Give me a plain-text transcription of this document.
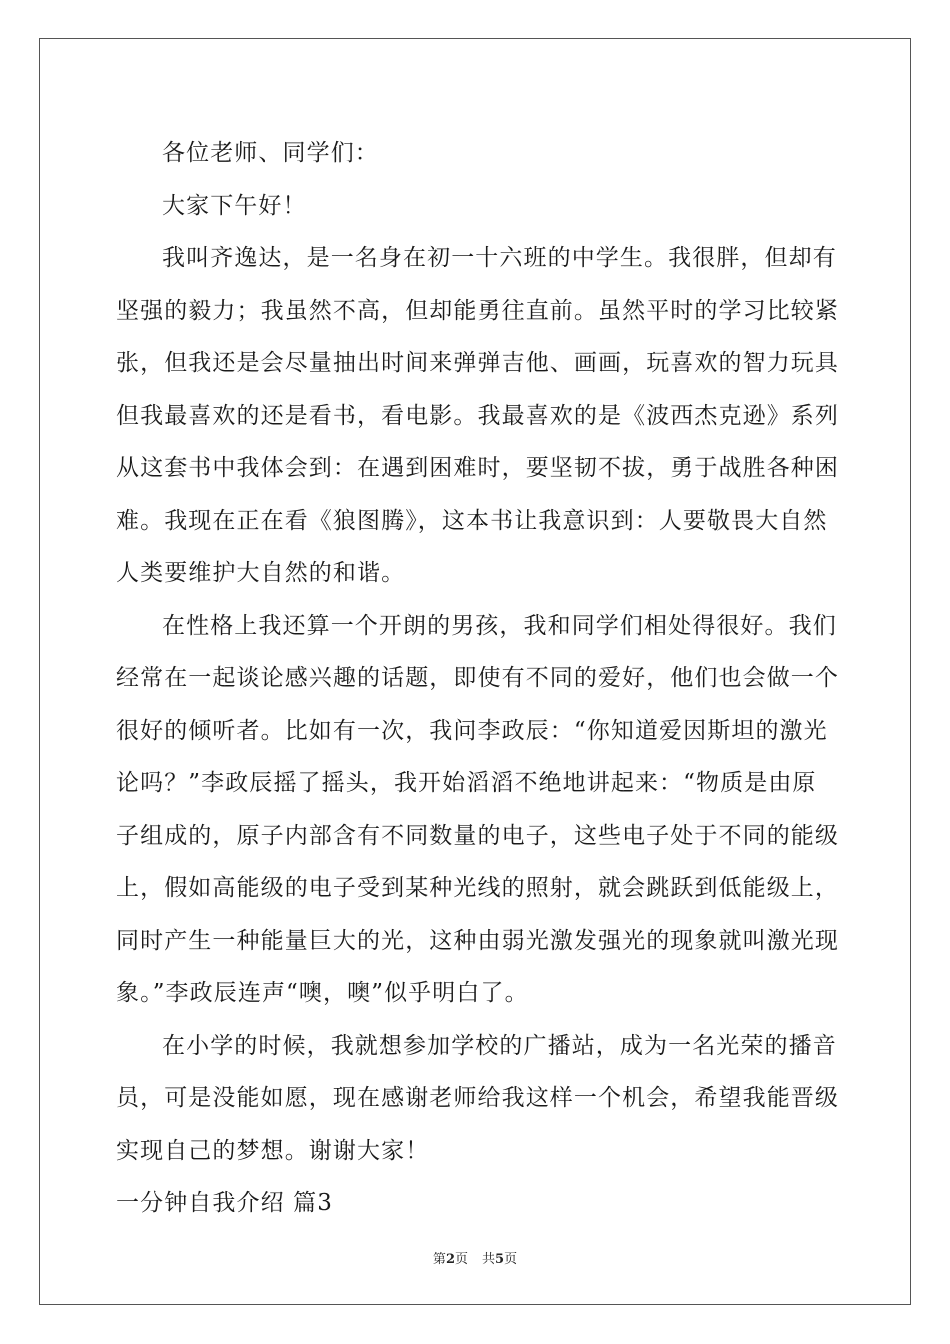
各位老师、同学们：
大家下午好！
我叫齐逸达，是一名身在初一十六班的中学生。我很胖，但却有
坚强的毅力；我虽然不高，但却能勇往直前。虽然平时的学习比较紧
张，但我还是会尽量抽出时间来弹弹吉他、画画，玩喜欢的智力玩具
但我最喜欢的还是看书，看电影。我最喜欢的是《波西杰克逊》系列
从这套书中我体会到：在遇到困难时，要坚韧不拔，勇于战胜各种困
难。我现在正在看《狼图腾》，这本书让我意识到：人要敬畏大自然
人类要维护大自然的和谐。
在性格上我还算一个开朗的男孩，我和同学们相处得很好。我们
经常在一起谈论感兴趣的话题，即使有不同的爱好，他们也会做一个
很好的倾听者。比如有一次，我问李政辰：“你知道爱因斯坦的激光
论吗？”李政辰摇了摇头，我开始滔滔不绝地讲起来：“物质是由原
子组成的，原子内部含有不同数量的电子，这些电子处于不同的能级
上，假如高能级的电子受到某种光线的照射，就会跳跃到低能级上，
同时产生一种能量巨大的光，这种由弱光激发强光的现象就叫激光现
象。”李政辰连声“噢，噢”似乎明白了。
在小学的时候，我就想参加学校的广播站，成为一名光荣的播音
员，可是没能如愿，现在感谢老师给我这样一个机会，希望我能晋级
实现自己的梦想。谢谢大家！
一分钟自我介绍 篇3
第2页 共5页
